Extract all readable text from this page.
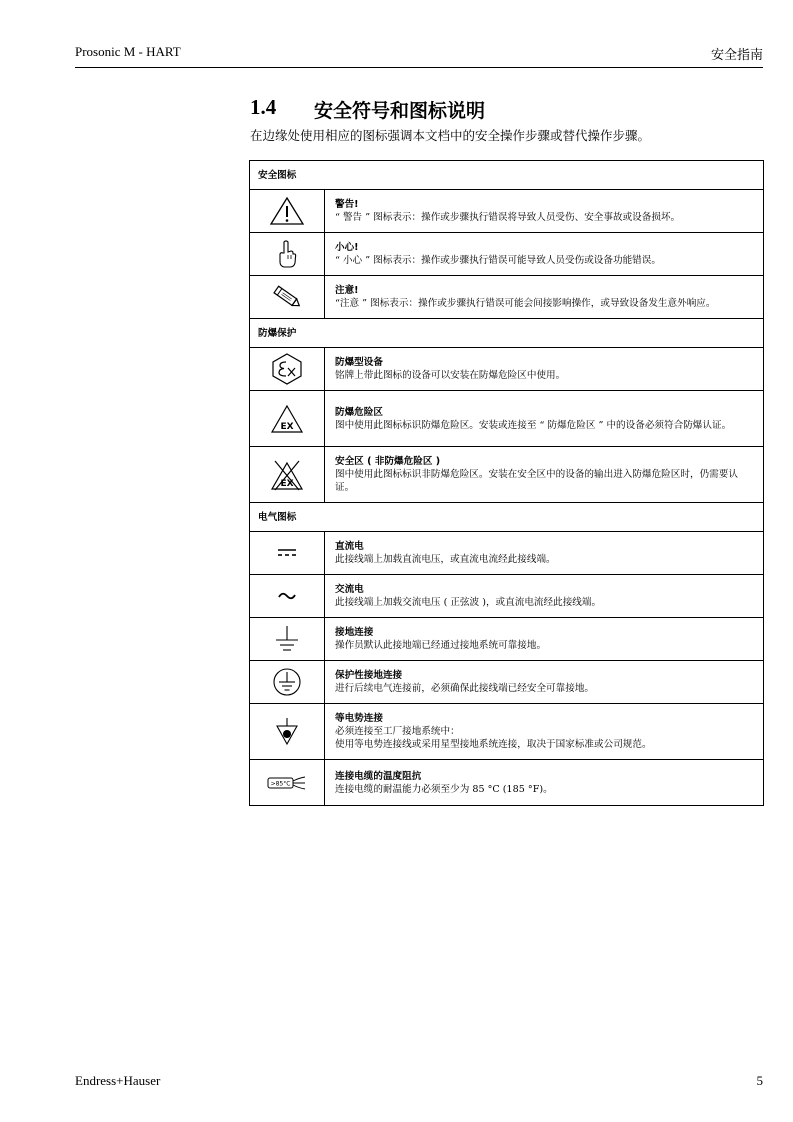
Prosonic M - HART	安全指南
1.4 安全符号和图标说明
在边缘处使用相应的图标强调本文档中的安全操作步骤或替代操作步骤。
安全图标	

警告!
“ 警告 ” 图标表示：操作或步骤执行错误将导致人员受伤、安全事故或设备损坏。

小心!
“ 小心 ” 图标表示：操作或步骤执行错误可能导致人员受伤或设备功能错误。

注意!
“注意 ” 图标表示：操作或步骤执行错误可能会间接影响操作，或导致设备发生意外响应。

防爆保护	

防爆型设备
铭牌上带此图标的设备可以安装在防爆危险区中使用。

EX	防爆危险区
图中使用此图标标识防爆危险区。安装或连接至 “ 防爆危险区 ” 中的设备必须符合防爆认证。

EX	安全区 ( 非防爆危险区 )
图中使用此图标标识非防爆危险区。安装在安全区中的设备的输出进入防爆危险区时，仍需要认证。

电气图标	

直流电
此接线端上加载直流电压，或直流电流经此接线端。

交流电
此接线端上加载交流电压 ( 正弦波 )，或直流电流经此接线端。

接地连接
操作员默认此接地端已经通过接地系统可靠接地。

保护性接地连接
进行后续电气连接前，必须确保此接线端已经安全可靠接地。

等电势连接
必须连接至工厂接地系统中：
使用等电势连接线或采用星型接地系统连接，取决于国家标准或公司规范。

>85°C	连接电缆的温度阻抗
连接电缆的耐温能力必须至少为 85 °C (185 °F)。
Endress+Hauser	5
